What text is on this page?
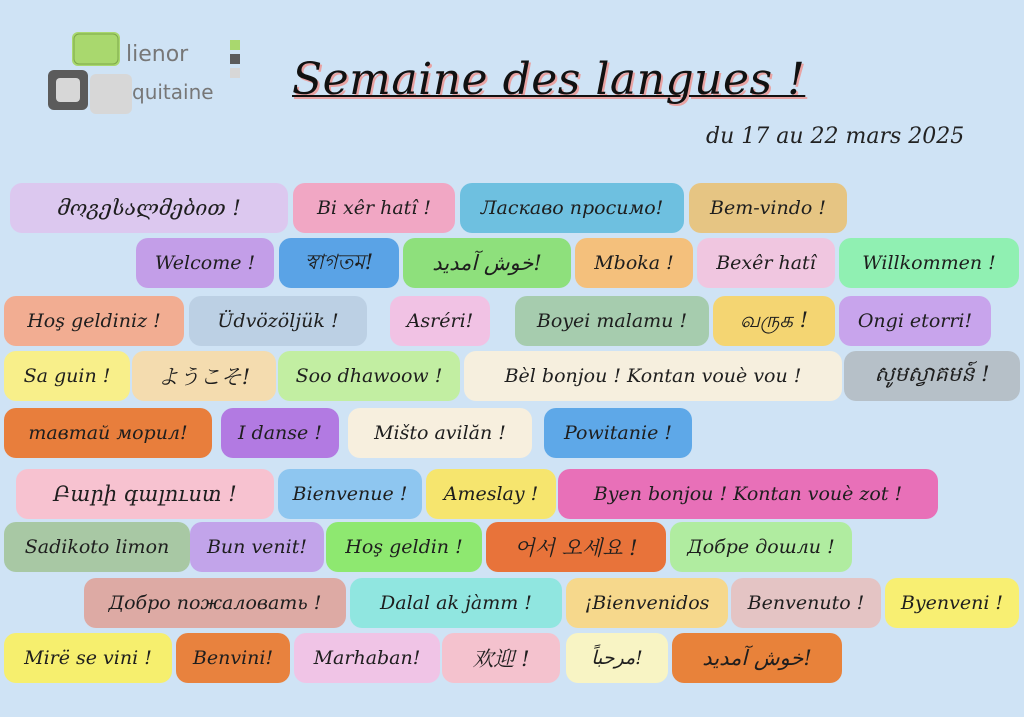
lienor
quitaine Semaine des langues !
du 17 au 22 mars 2025
მოგესალმებით !	Bi xêr hatî !	Ласкаво просимо!	Bem-vindo !
Welcome !	স্বাগতম!	خوش آمدید!	Mboka !	Bexêr hatî	Willkommen !
Hoş geldiniz !	Üdvözöljük !	Asréri!	Boyei malamu !	வருக !	Ongi etorri!
Sa guin !	ようこそ!	Soo dhawoow !	Bèl bonjou ! Kontan vouè vou !	សូមស្វាគមន៍ !
тавтай морил!	I danse !	Mišto avilăn !	Powitanie !
Բարի գալուստ !	Bienvenue !	Ameslay !	Byen bonjou ! Kontan vouè zot !
Sadikoto limon	Bun venit!	Hoş geldin !	어서 오세요 !	Добре дошли !
Добро пожаловать !	Dalal ak jàmm !	¡Bienvenidos	Benvenuto !	Byenveni !
Mirë se vini !	Benvini!	Marhaban!	欢迎 !	مرحباً!	خوش آمدید!
